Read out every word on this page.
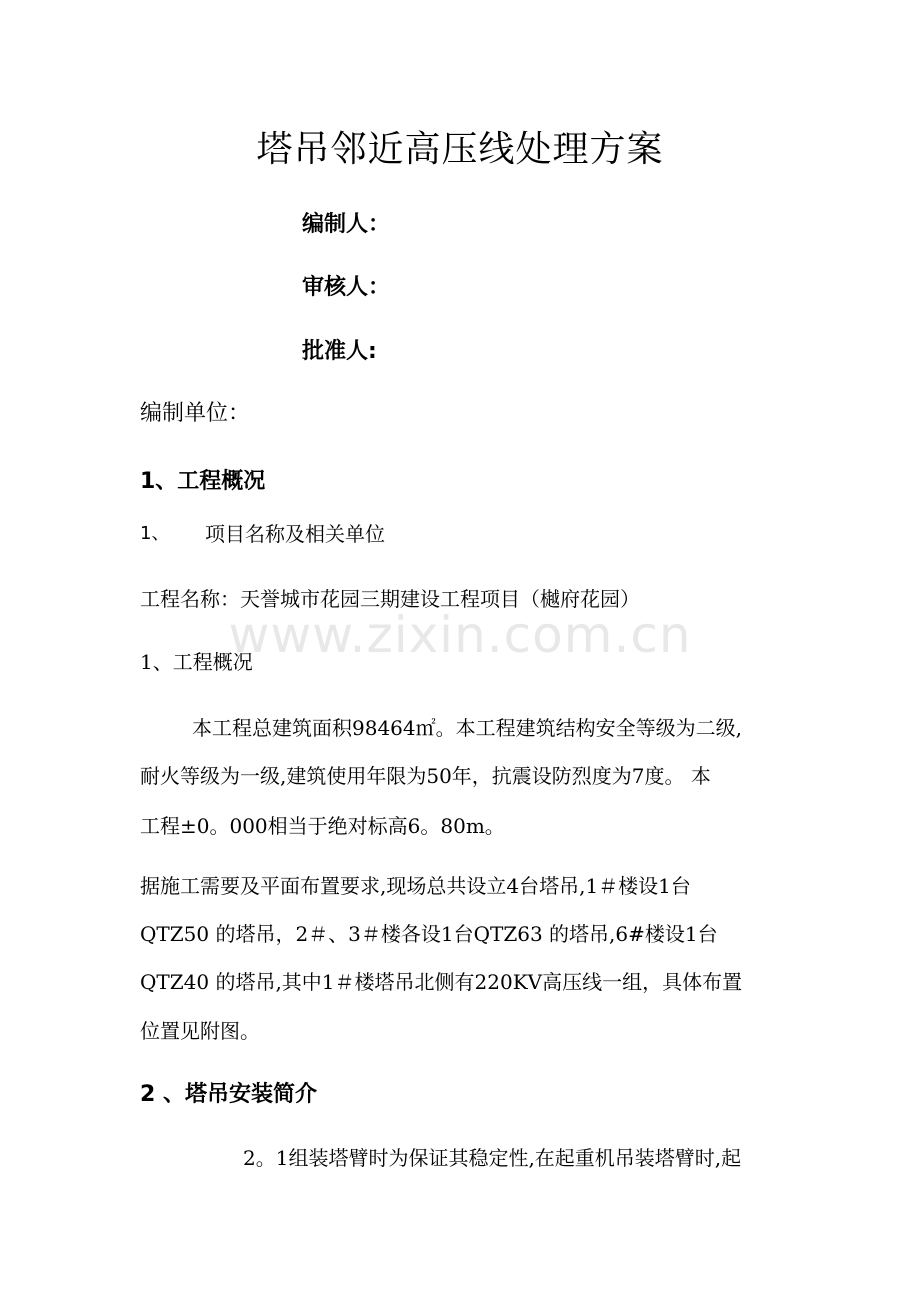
塔吊邻近高压线处理方案
编制人：
审核人：
批准人:
编制单位：
1、工程概况
1、 项目名称及相关单位
工程名称：天誉城市花园三期建设工程项目（樾府花园）
1、工程概况
本工程总建筑面积98464㎡。本工程建筑结构安全等级为二级,
耐火等级为一级,建筑使用年限为50年，抗震设防烈度为7度。 本
工程±0。000相当于绝对标高6。80m。
据施工需要及平面布置要求,现场总共设立4台塔吊,1＃楼设1台
QTZ50 的塔吊，2＃、3＃楼各设1台QTZ63 的塔吊,6#楼设1台
QTZ40 的塔吊,其中1＃楼塔吊北侧有220KV高压线一组，具体布置
位置见附图。
2 、塔吊安装简介
2。1组装塔臂时为保证其稳定性,在起重机吊装塔臂时,起
www.zixin.com.cn
